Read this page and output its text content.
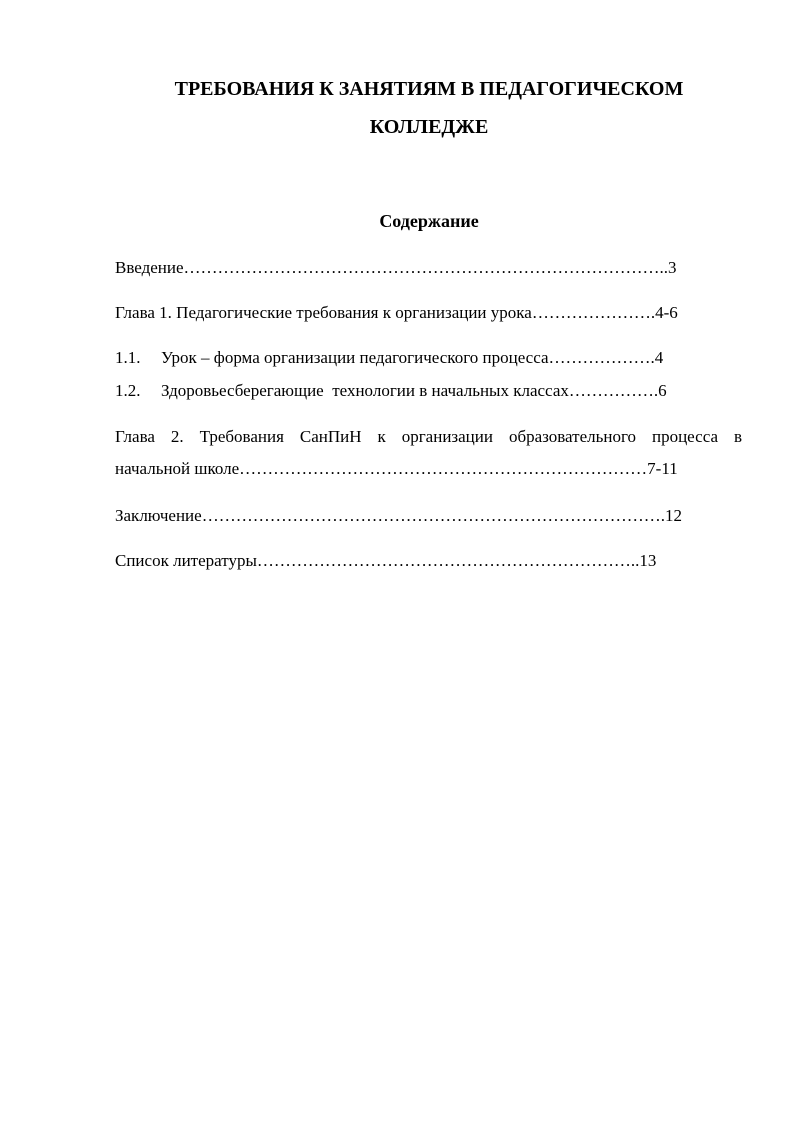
ТРЕБОВАНИЯ К ЗАНЯТИЯМ В ПЕДАГОГИЧЕСКОМ
КОЛЛЕДЖЕ
Содержание
Введение…………………………………………………………………………..3
Глава 1. Педагогические требования к организации урока………………….4-6
1.1. Урок – форма организации педагогического процесса……………….4
1.2. Здоровьесберегающие  технологии в начальных классах…………….6
Глава 2. Требования СанПиН к организации образовательного процесса в
начальной школе………………………………………………………………7-11
Заключение……………………………………………………………………….12
Список литературы…………………………………………………………..13
